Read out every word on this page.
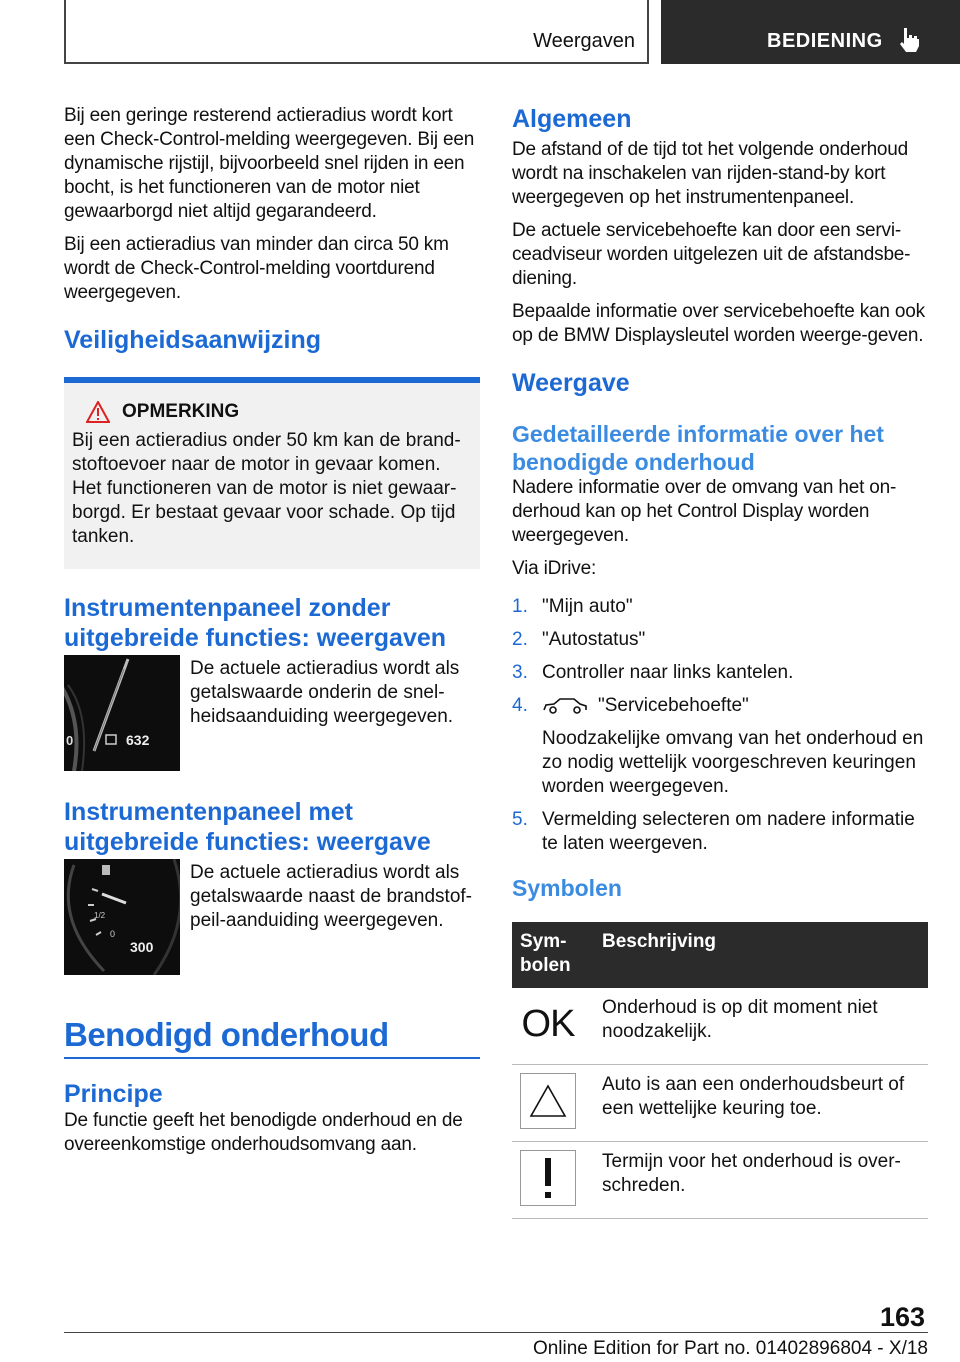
Weergaven	BEDIENING

Bij een geringe resterend actieradius wordt kort een Check-Control-melding weergegeven. Bij een dynamische rijstijl, bijvoorbeeld snel rijden in een bocht, is het functioneren van de motor niet gewaarborgd niet altijd gegarandeerd.

Bij een actieradius van minder dan circa 50 km wordt de Check-Control-melding voortdurend weergegeven.

Veiligheidsaanwijzing
OPMERKING

Bij een actieradius onder 50 km kan de brand-stoftoevoer naar de motor in gevaar komen. Het functioneren van de motor is niet gewaar-borgd. Er bestaat gevaar voor schade. Op tijd tanken.

Instrumentenpaneel zonder uitgebreide functies: weergaven
0	632

De actuele actieradius wordt als getalswaarde onderin de snel-heidsaanduiding weergegeven.

Instrumentenpaneel met uitgebreide functies: weergave
1/2
0
300

De actuele actieradius wordt als getalswaarde naast de brandstof-peil-aanduiding weergegeven.

Benodigd onderhoud
Principe

De functie geeft het benodigde onderhoud en de overeenkomstige onderhoudsomvang aan.

Algemeen

De afstand of de tijd tot het volgende onderhoud wordt na inschakelen van rijden-stand-by kort weergegeven op het instrumentenpaneel.

De actuele servicebehoefte kan door een servi-ceadviseur worden uitgelezen uit de afstandsbe-diening.

Bepaalde informatie over servicebehoefte kan ook op de BMW Displaysleutel worden weerge-geven.

Weergave
Gedetailleerde informatie over het benodigde onderhoud

Nadere informatie over de omvang van het on-derhoud kan op het Control Display worden weergegeven.

Via iDrive:

1. "Mijn auto"
2. "Autostatus"
3. Controller naar links kantelen.
4.	"Servicebehoefte"
Noodzakelijke omvang van het onderhoud en zo nodig wettelijk voorgeschreven keuringen worden weergegeven.
5. Vermelding selecteren om nadere informatie te laten weergeven.
Symbolen
Sym-bolen	Beschrijving

OK	Onderhoud is op dit moment niet noodzakelijk.

	Auto is aan een onderhoudsbeurt of een wettelijke keuring toe.

	Termijn voor het onderhoud is over-schreden.
163
Online Edition for Part no. 01402896804 - X/18
